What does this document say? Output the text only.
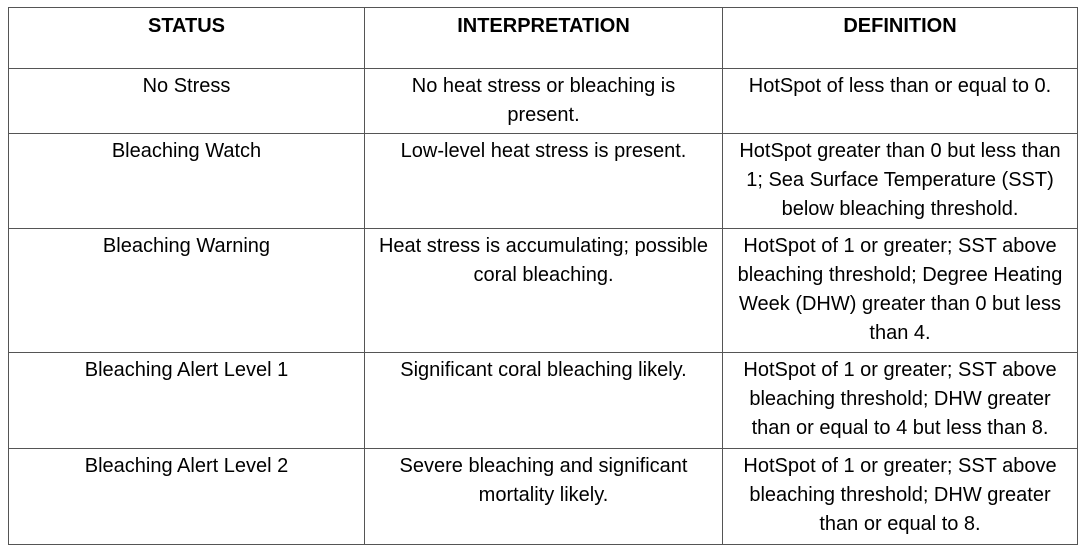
STATUS	INTERPRETATION	DEFINITION
No Stress	No heat stress or bleaching is present.	HotSpot of less than or equal to 0.
Bleaching Watch	Low-level heat stress is present.	HotSpot greater than 0 but less than 1; Sea Surface Temperature (SST) below bleaching threshold.
Bleaching Warning	Heat stress is accumulating; possible coral bleaching.	HotSpot of 1 or greater; SST above bleaching threshold; Degree Heating Week (DHW) greater than 0 but less than 4.
Bleaching Alert Level 1	Significant coral bleaching likely.	HotSpot of 1 or greater; SST above bleaching threshold; DHW greater than or equal to 4 but less than 8.
Bleaching Alert Level 2	Severe bleaching and significant mortality likely.	HotSpot of 1 or greater; SST above bleaching threshold; DHW greater than or equal to 8.
